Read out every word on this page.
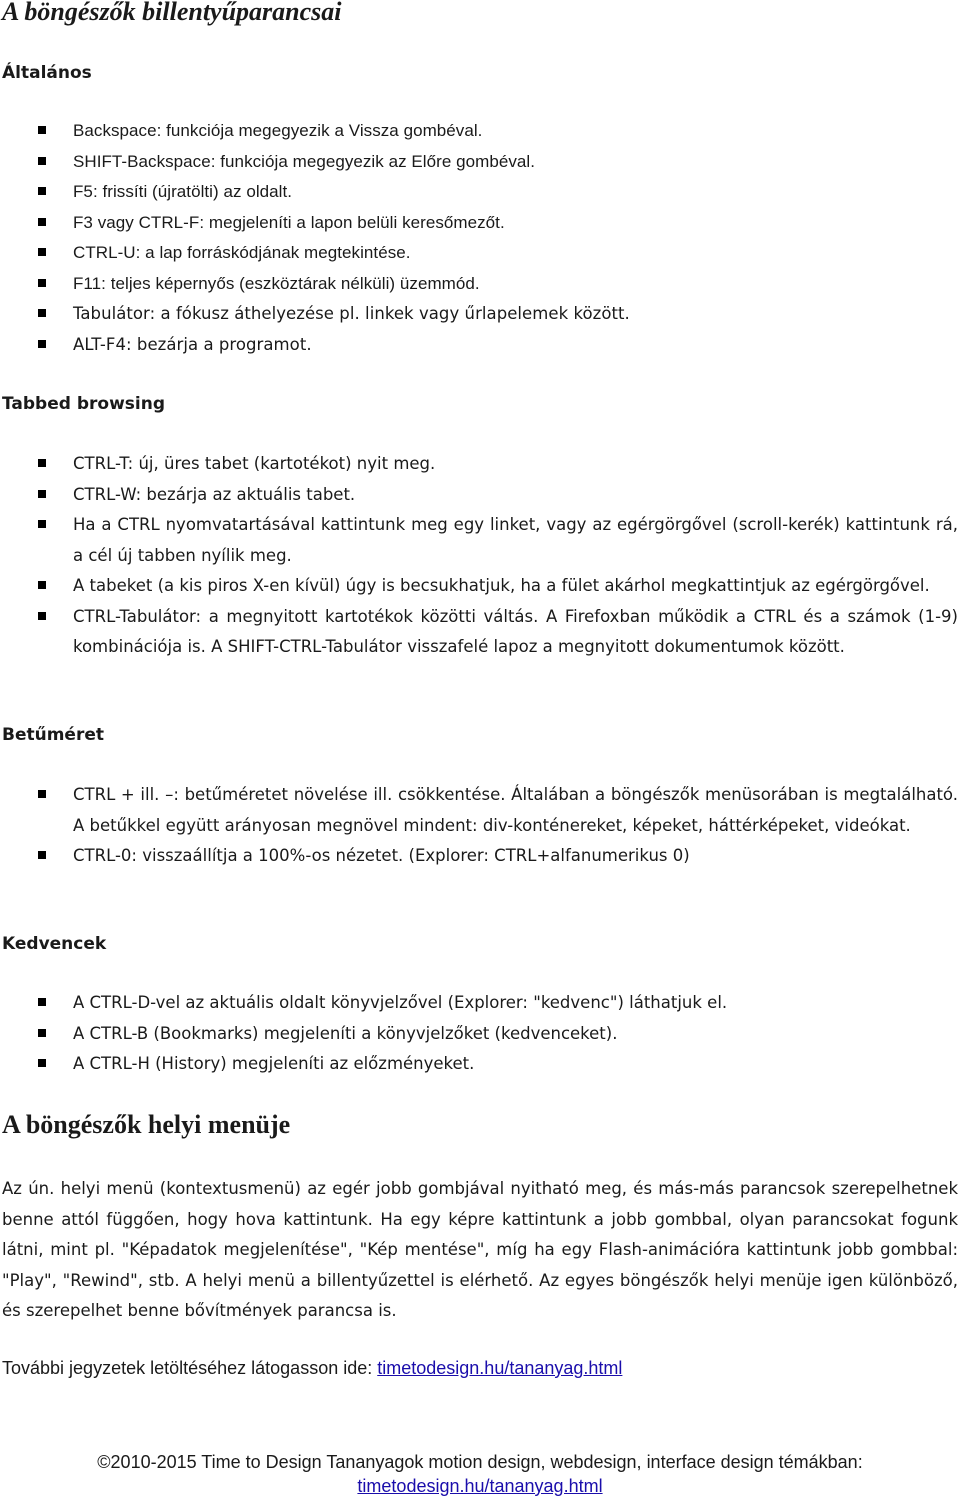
A böngészők billentyűparancsai
Általános
Backspace: funkciója megegyezik a Vissza gombéval.
SHIFT-Backspace: funkciója megegyezik az Előre gombéval.
F5: frissíti (újratölti) az oldalt.
F3 vagy CTRL-F: megjeleníti a lapon belüli keresőmezőt.
CTRL-U: a lap forráskódjának megtekintése.
F11: teljes képernyős (eszköztárak nélküli) üzemmód.
Tabulátor: a fókusz áthelyezése pl. linkek vagy űrlapelemek között.
ALT-F4: bezárja a programot.
Tabbed browsing
CTRL-T: új, üres tabet (kartotékot) nyit meg.
CTRL-W: bezárja az aktuális tabet.
Ha a CTRL nyomvatartásával kattintunk meg egy linket, vagy az egérgörgővel (scroll-kerék) kattintunk rá, a cél új tabben nyílik meg.
A tabeket (a kis piros X-en kívül) úgy is becsukhatjuk, ha a fület akárhol megkattintjuk az egérgörgővel.
CTRL-Tabulátor: a megnyitott kartotékok közötti váltás. A Firefoxban működik a CTRL és a számok (1-9) kombinációja is. A SHIFT-CTRL-Tabulátor visszafelé lapoz a megnyitott dokumentumok között.
Betűméret
CTRL + ill. –: betűméretet növelése ill. csökkentése. Általában a böngészők menüsorában is megtalálható. A betűkkel együtt arányosan megnövel mindent: div-konténereket, képeket, háttérképeket, videókat.
CTRL-0: visszaállítja a 100%-os nézetet. (Explorer: CTRL+alfanumerikus 0)
Kedvencek
A CTRL-D-vel az aktuális oldalt könyvjelzővel (Explorer: "kedvenc") láthatjuk el.
A CTRL-B (Bookmarks) megjeleníti a könyvjelzőket (kedvenceket).
A CTRL-H (History) megjeleníti az előzményeket.
A böngészők helyi menüje

Az ún. helyi menü (kontextusmenü) az egér jobb gombjával nyitható meg, és más-más parancsok szerepelhetnek benne attól függően, hogy hova kattintunk. Ha egy képre kattintunk a jobb gombbal, olyan parancsokat fogunk látni, mint pl. "Képadatok megjelenítése", "Kép mentése", míg ha egy Flash-animációra kattintunk jobb gombbal: "Play", "Rewind", stb. A helyi menü a billentyűzettel is elérhető. Az egyes böngészők helyi menüje igen különböző, és szerepelhet benne bővítmények parancsa is.

További jegyzetek letöltéséhez látogasson ide: timetodesign.hu/tananyag.html

©2010-2015 Time to Design Tananyagok motion design, webdesign, interface design témákban:
timetodesign.hu/tananyag.html
